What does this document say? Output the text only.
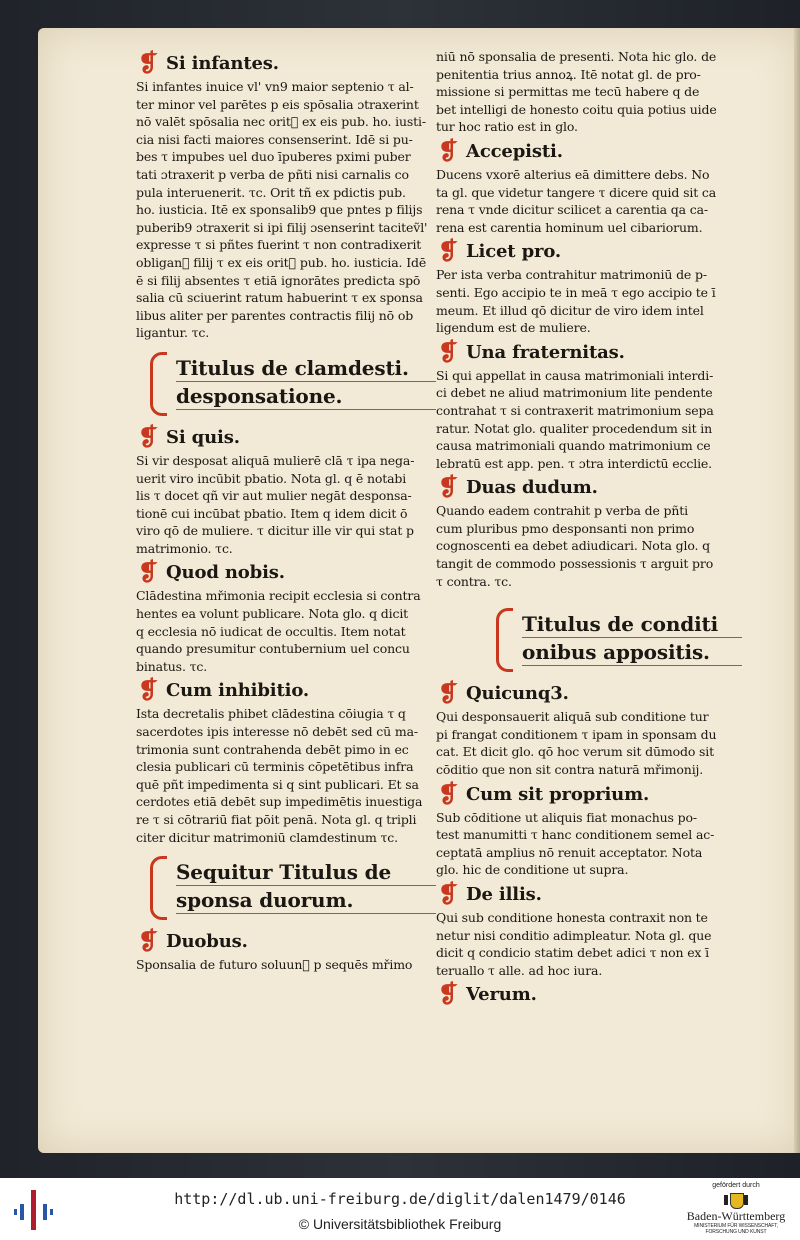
❡ Si infantes.
Si infantes inuice vl' vn9 maior septenio τ al-
ter minor vel parētes p eis spōsalia ɔtraxerint
nō valēt spōsalia nec oritᷣ ex eis pub. ho. iusti-
cia nisi facti maiores consenserint. Idē si pu-
bes τ impubes uel duo īpuberes pximi puber
tati ɔtraxerit p verba de pñti nisi carnalis co
pula interuenerit. τc. Orit tñ ex pdictis pub.
ho. iusticia. Itē ex sponsalib9 que pntes p filijs
puberib9 ɔtraxerit si ipi filij ɔsenserint taciteṽl'
expresse τ si pñtes fuerint τ non contradixerit
obliganᷣ filij τ ex eis oritᷣ pub. ho. iusticia. Idē
ē si filij absentes τ etiā ignorātes predicta spō
salia cū sciuerint ratum habuerint τ ex sponsa
libus aliter per parentes contractis filij nō ob
ligantur. τc.
Titulus de clamdesti.
desponsatione.
❡ Si quis.
Si vir desposat aliquā mulierē clā τ ipa nega-
uerit viro incūbit pbatio. Nota gl. q ē notabi
lis τ docet qñ vir aut mulier negāt desponsa-
tionē cui incūbat pbatio. Item q idem dicit ō
viro qō de muliere. τ dicitur ille vir qui stat p
matrimonio. τc.
❡ Quod nobis.
Clādestina mřimonia recipit ecclesia si contra
hentes ea volunt publicare. Nota glo. q dicit
q ecclesia nō iudicat de occultis. Item notat
quando presumitur contubernium uel concu
binatus. τc.
❡ Cum inhibitio.
Ista decretalis phibet clādestina cōiugia τ q
sacerdotes ipis interesse nō debēt sed cū ma-
trimonia sunt contrahenda debēt pimo in ec
clesia publicari cū terminis cōpetētibus infra
quē pñt impedimenta si q sint publicari. Et sa
cerdotes etiā debēt sup impedimētis inuestiga
re τ si cōtrariū fiat pōit penā. Nota gl. q tripli
citer dicitur matrimoniū clamdestinum τc.
Sequitur Titulus de
sponsa duorum.
❡ Duobus.
Sponsalia de futuro soluunᷣ p sequēs mřimo
niū nō sponsalia de presenti. Nota hic glo. de
penitentia trius annoꝝ. Itē notat gl. de pro-
missione si permittas me tecū habere q de
bet intelligi de honesto coitu quia potius uide
tur hoc ratio est in glo.
❡ Accepisti.
Ducens vxorē alterius eā dimittere debs. No
ta gl. que videtur tangere τ dicere quid sit ca
rena τ vnde dicitur scilicet a carentia qa ca-
rena est carentia hominum uel cibariorum.
❡ Licet pro.
Per ista verba contrahitur matrimoniū de p-
senti. Ego accipio te in meā τ ego accipio te ī
meum. Et illud qō dicitur de viro idem intel
ligendum est de muliere.
❡ Una fraternitas.
Si qui appellat in causa matrimoniali interdi-
ci debet ne aliud matrimonium lite pendente
contrahat τ si contraxerit matrimonium sepa
ratur. Notat glo. qualiter procedendum sit in
causa matrimoniali quando matrimonium ce
lebratū est app. pen. τ ɔtra interdictū ecclie.
❡ Duas dudum.
Quando eadem contrahit p verba de pñti
cum pluribus pmo desponsanti non primo
cognoscenti ea debet adiudicari. Nota glo. q
tangit de commodo possessionis τ arguit pro
τ contra. τc.
Titulus de conditi
onibus appositis.
❡ Quicunq3.
Qui desponsauerit aliquā sub conditione tur
pi frangat conditionem τ ipam in sponsam du
cat. Et dicit glo. qō hoc verum sit dūmodo sit
cōditio que non sit contra naturā mřimonij.
❡ Cum sit proprium.
Sub cōditione ut aliquis fiat monachus po-
test manumitti τ hanc conditionem semel ac-
ceptatā amplius nō renuit acceptator. Nota
glo. hic de conditione ut supra.
❡ De illis.
Qui sub conditione honesta contraxit non te
netur nisi conditio adimpleatur. Nota gl. que
dicit q condicio statim debet adici τ non ex ī
teruallo τ alle. ad hoc iura.
❡ Verum.
http://dl.ub.uni-freiburg.de/diglit/dalen1479/0146
© Universitätsbibliothek Freiburg
gefördert durch
Baden-Württemberg
MINISTERIUM FÜR WISSENSCHAFT, FORSCHUNG UND KUNST
